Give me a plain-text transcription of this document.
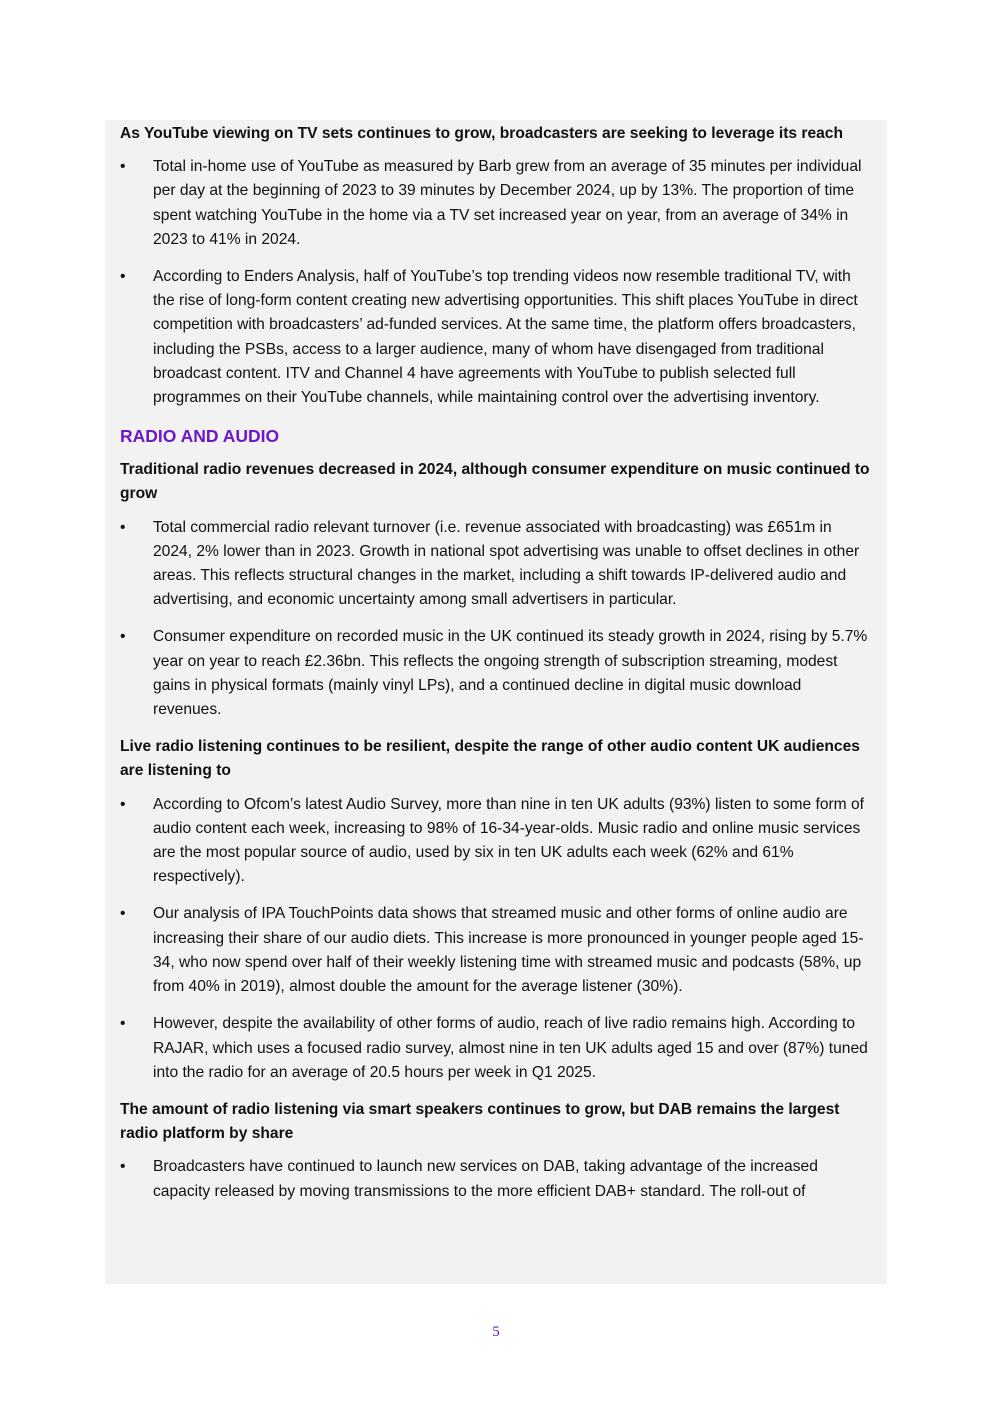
As YouTube viewing on TV sets continues to grow, broadcasters are seeking to leverage its reach

•	Total in-home use of YouTube as measured by Barb grew from an average of 35 minutes per individual per day at the beginning of 2023 to 39 minutes by December 2024, up by 13%. The proportion of time spent watching YouTube in the home via a TV set increased year on year, from an average of 34% in 2023 to 41% in 2024.
•	According to Enders Analysis, half of YouTube’s top trending videos now resemble traditional TV, with the rise of long-form content creating new advertising opportunities. This shift places YouTube in direct competition with broadcasters’ ad-funded services. At the same time, the platform offers broadcasters, including the PSBs, access to a larger audience, many of whom have disengaged from traditional broadcast content. ITV and Channel 4 have agreements with YouTube to publish selected full programmes on their YouTube channels, while maintaining control over the advertising inventory.
RADIO AND AUDIO

Traditional radio revenues decreased in 2024, although consumer expenditure on music continued to grow

•	Total commercial radio relevant turnover (i.e. revenue associated with broadcasting) was £651m in 2024, 2% lower than in 2023. Growth in national spot advertising was unable to offset declines in other areas. This reflects structural changes in the market, including a shift towards IP-delivered audio and advertising, and economic uncertainty among small advertisers in particular.
•	Consumer expenditure on recorded music in the UK continued its steady growth in 2024, rising by 5.7% year on year to reach £2.36bn. This reflects the ongoing strength of subscription streaming, modest gains in physical formats (mainly vinyl LPs), and a continued decline in digital music download revenues.

Live radio listening continues to be resilient, despite the range of other audio content UK audiences are listening to

•	According to Ofcom’s latest Audio Survey, more than nine in ten UK adults (93%) listen to some form of audio content each week, increasing to 98% of 16-34-year-olds. Music radio and online music services are the most popular source of audio, used by six in ten UK adults each week (62% and 61% respectively).
•	Our analysis of IPA TouchPoints data shows that streamed music and other forms of online audio are increasing their share of our audio diets. This increase is more pronounced in younger people aged 15-34, who now spend over half of their weekly listening time with streamed music and podcasts (58%, up from 40% in 2019), almost double the amount for the average listener (30%).
•	However, despite the availability of other forms of audio, reach of live radio remains high. According to RAJAR, which uses a focused radio survey, almost nine in ten UK adults aged 15 and over (87%) tuned into the radio for an average of 20.5 hours per week in Q1 2025.

The amount of radio listening via smart speakers continues to grow, but DAB remains the largest radio platform by share

•	Broadcasters have continued to launch new services on DAB, taking advantage of the increased capacity released by moving transmissions to the more efficient DAB+ standard. The roll-out of
5
